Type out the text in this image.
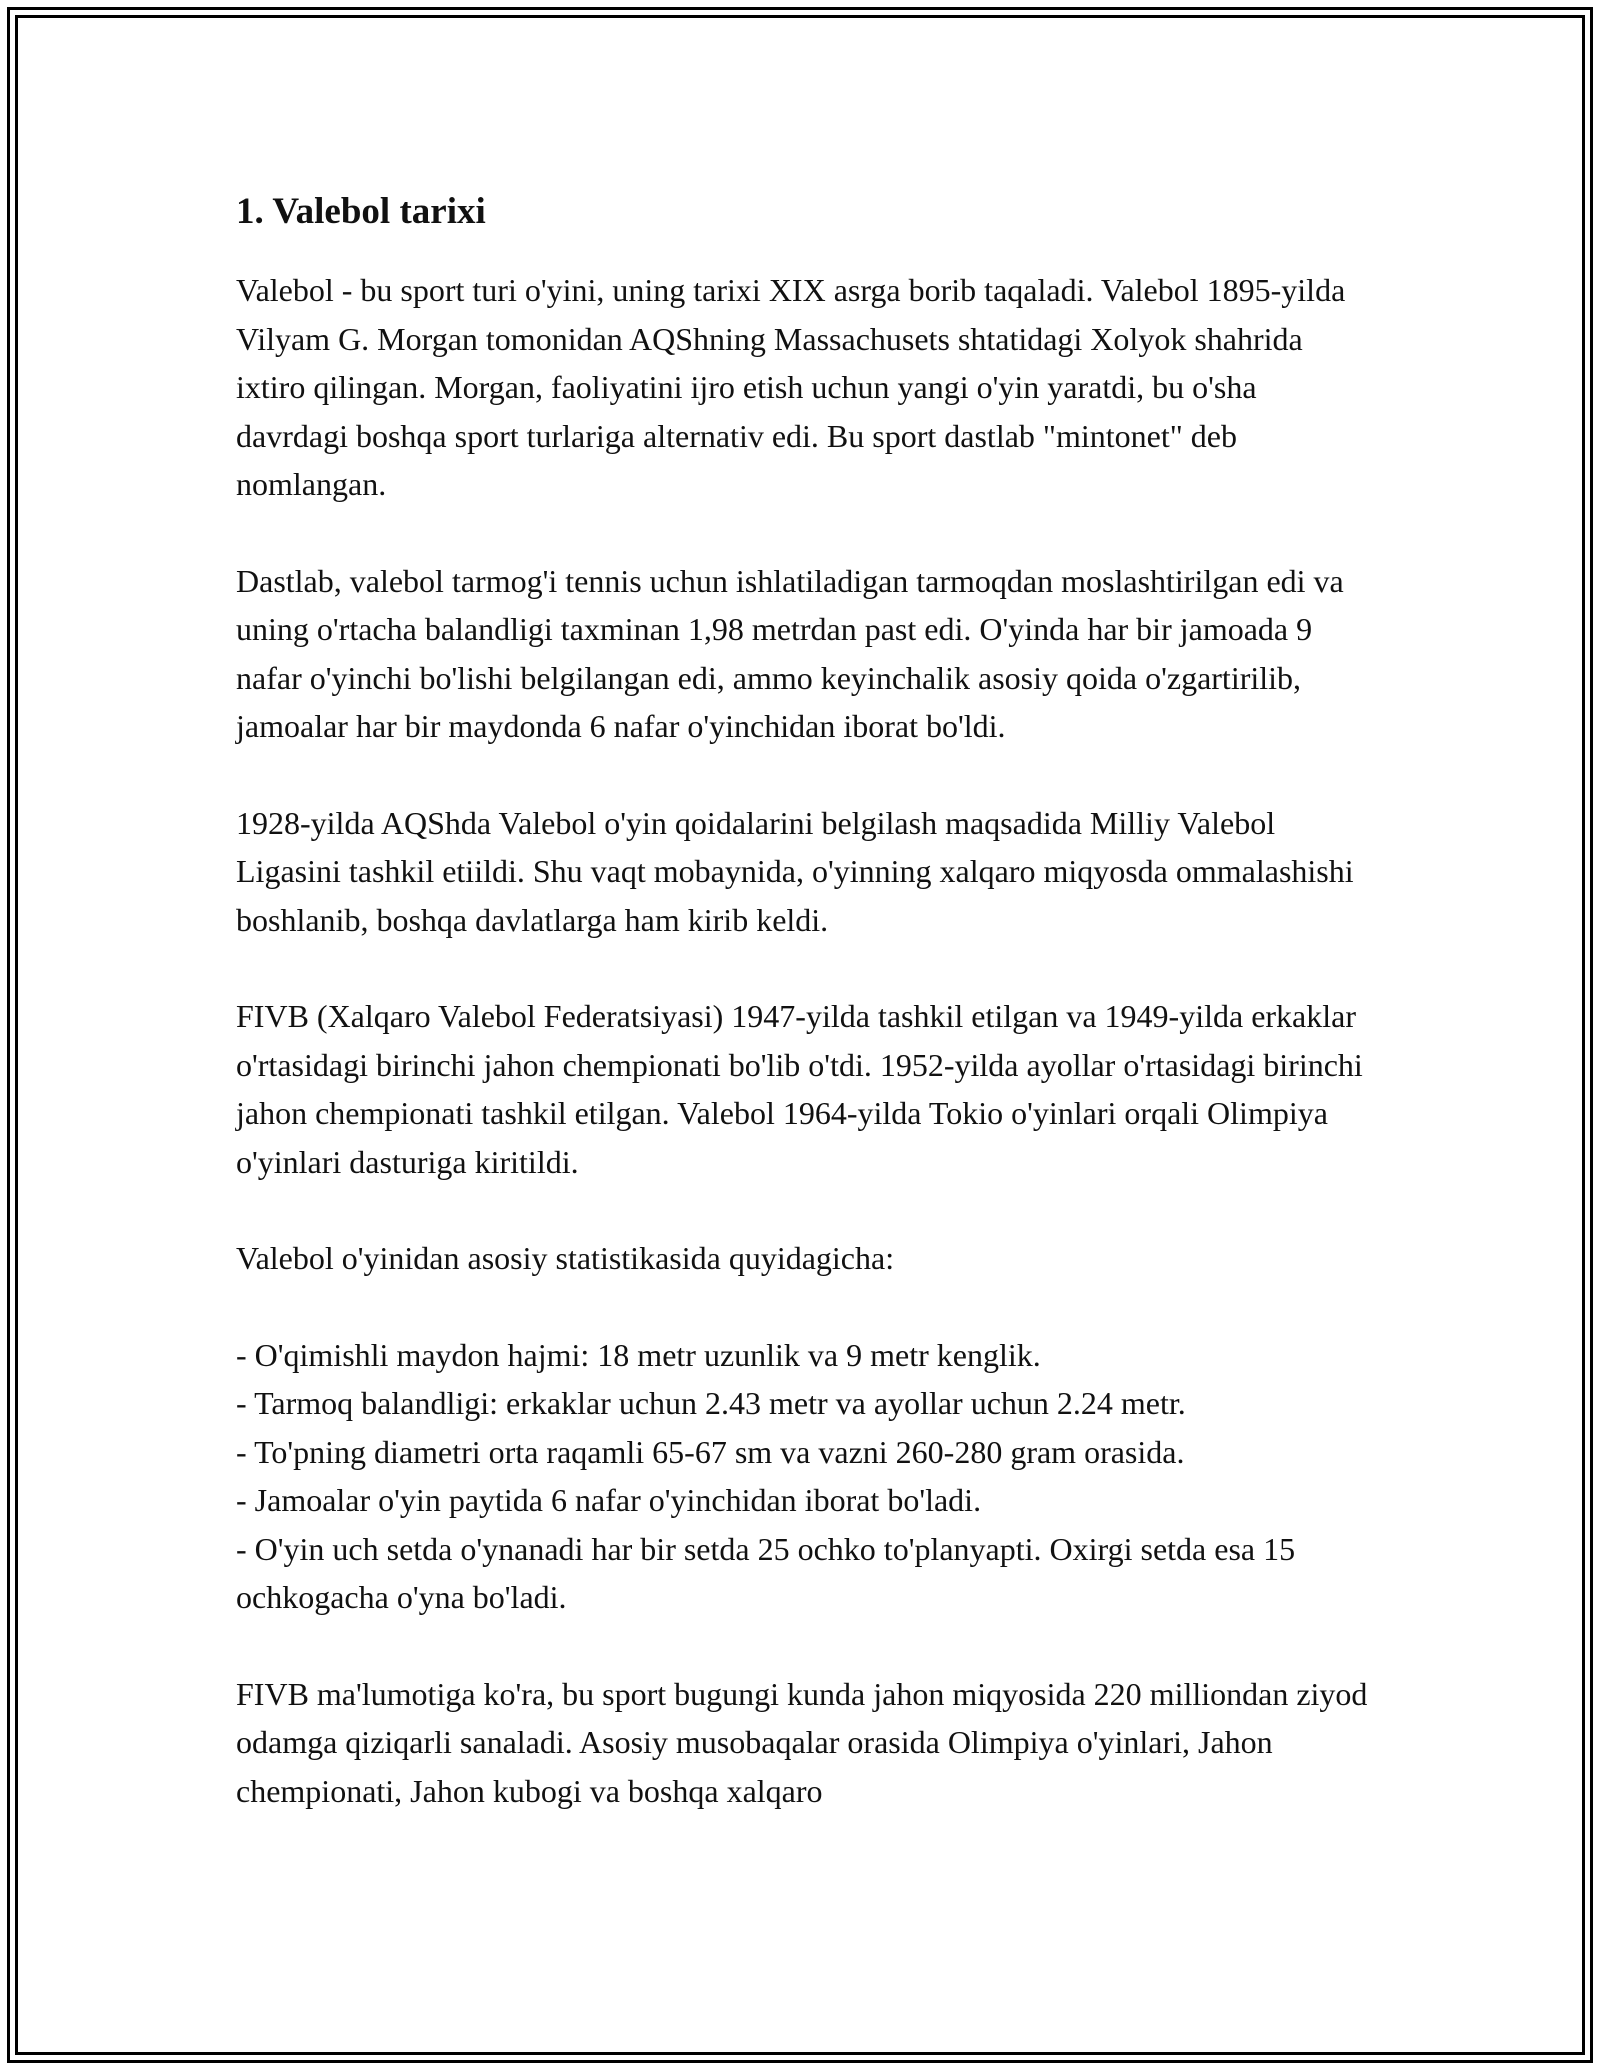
1. Valebol tarixi

Valebol - bu sport turi o'yini, uning tarixi XIX asrga borib taqaladi. Valebol 1895-yilda Vilyam G. Morgan tomonidan AQShning Massachusets shtatidagi Xolyok shahrida ixtiro qilingan. Morgan, faoliyatini ijro etish uchun yangi o'yin yaratdi, bu o'sha davrdagi boshqa sport turlariga alternativ edi. Bu sport dastlab "mintonet" deb nomlangan.

Dastlab, valebol tarmog'i tennis uchun ishlatiladigan tarmoqdan moslashtirilgan edi va uning o'rtacha balandligi taxminan 1,98 metrdan past edi. O'yinda har bir jamoada 9 nafar o'yinchi bo'lishi belgilangan edi, ammo keyinchalik asosiy qoida o'zgartirilib, jamoalar har bir maydonda 6 nafar o'yinchidan iborat bo'ldi.

1928-yilda AQShda Valebol o'yin qoidalarini belgilash maqsadida Milliy Valebol Ligasini tashkil etiildi. Shu vaqt mobaynida, o'yinning xalqaro miqyosda ommalashishi boshlanib, boshqa davlatlarga ham kirib keldi.

FIVB (Xalqaro Valebol Federatsiyasi) 1947-yilda tashkil etilgan va 1949-yilda erkaklar o'rtasidagi birinchi jahon chempionati bo'lib o'tdi. 1952-yilda ayollar o'rtasidagi birinchi jahon chempionati tashkil etilgan. Valebol 1964-yilda Tokio o'yinlari orqali Olimpiya o'yinlari dasturiga kiritildi.

Valebol o'yinidan asosiy statistikasida quyidagicha:

- O'qimishli maydon hajmi: 18 metr uzunlik va 9 metr kenglik.
- Tarmoq balandligi: erkaklar uchun 2.43 metr va ayollar uchun 2.24 metr.
- To'pning diametri orta raqamli 65-67 sm va vazni 260-280 gram orasida.
- Jamoalar o'yin paytida 6 nafar o'yinchidan iborat bo'ladi.
- O'yin uch setda o'ynanadi har bir setda 25 ochko to'planyapti. Oxirgi setda esa 15 ochkogacha o'yna bo'ladi.

FIVB ma'lumotiga ko'ra, bu sport bugungi kunda jahon miqyosida 220 milliondan ziyod odamga qiziqarli sanaladi. Asosiy musobaqalar orasida Olimpiya o'yinlari, Jahon chempionati, Jahon kubogi va boshqa xalqaro
